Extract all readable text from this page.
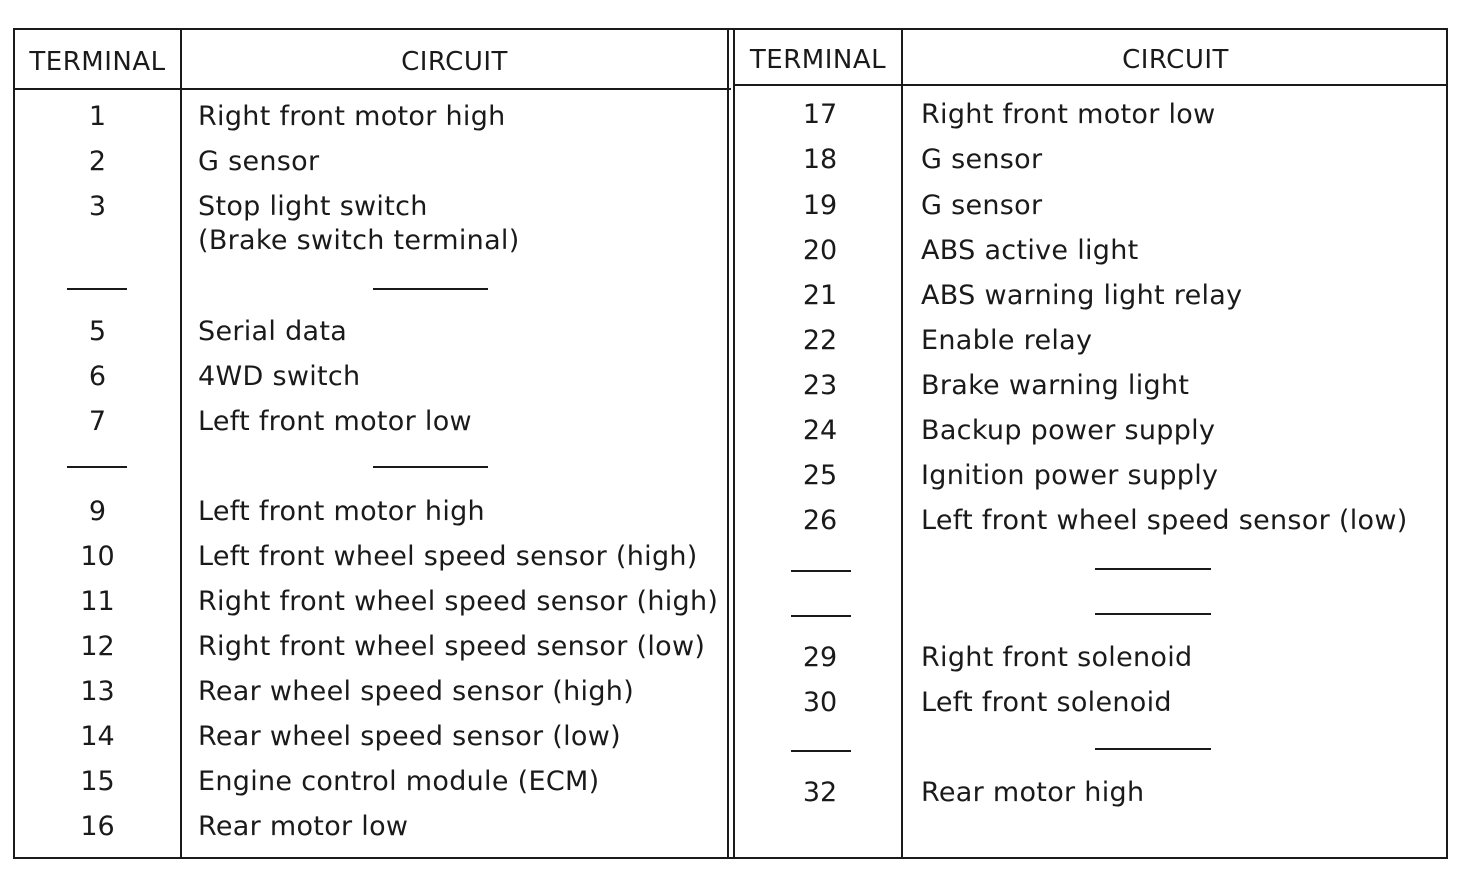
TERMINAL	CIRCUIT	TERMINAL	CIRCUIT
1	Right front motor high
2	G sensor
3	Stop light switch
(Brake switch terminal)
5	Serial data
6	4WD switch
7	Left front motor low
9	Left front motor high
10	Left front wheel speed sensor (high)
11	Right front wheel speed sensor (high)
12	Right front wheel speed sensor (low)
13	Rear wheel speed sensor (high)
14	Rear wheel speed sensor (low)
15	Engine control module (ECM)
16	Rear motor low
17	Right front motor low
18	G sensor
19	G sensor
20	ABS active light
21	ABS warning light relay
22	Enable relay
23	Brake warning light
24	Backup power supply
25	Ignition power supply
26	Left front wheel speed sensor (low)
29	Right front solenoid
30	Left front solenoid
32	Rear motor high
